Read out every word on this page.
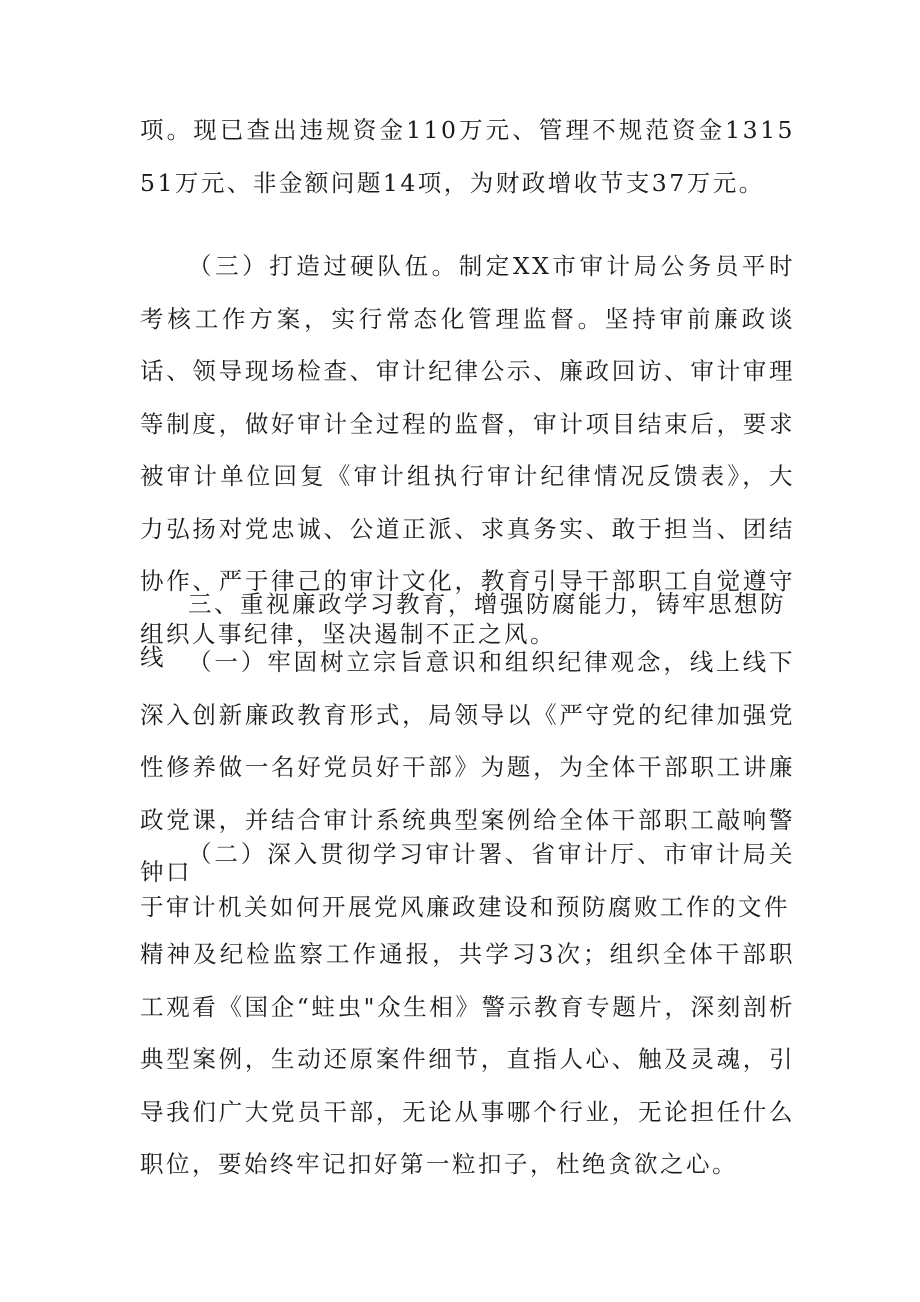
项。现已查出违规资金110万元、管理不规范资金131551万元、非金额问题14项，为财政增收节支37万元。

（三）打造过硬队伍。制定XX市审计局公务员平时考核工作方案，实行常态化管理监督。坚持审前廉政谈话、领导现场检查、审计纪律公示、廉政回访、审计审理等制度，做好审计全过程的监督，审计项目结束后，要求被审计单位回复《审计组执行审计纪律情况反馈表》，大力弘扬对党忠诚、公道正派、求真务实、敢于担当、团结协作、严于律己的审计文化，教育引导干部职工自觉遵守组织人事纪律，坚决遏制不正之风。

三、重视廉政学习教育，增强防腐能力，铸牢思想防线 （一）牢固树立宗旨意识和组织纪律观念，线上线下深入创新廉政教育形式，局领导以《严守党的纪律加强党性修养做一名好党员好干部》为题，为全体干部职工讲廉政党课，并结合审计系统典型案例给全体干部职工敲响警钟口

（二）深入贯彻学习审计署、省审计厅、市审计局关于审计机关如何开展党风廉政建设和预防腐败工作的文件

精神及纪检监察工作通报，共学习3次；组织全体干部职工观看《国企“蛀虫"众生相》警示教育专题片，深刻剖析典型案例，生动还原案件细节，直指人心、触及灵魂，引导我们广大党员干部，无论从事哪个行业，无论担任什么职位，要始终牢记扣好第一粒扣子，杜绝贪欲之心。
